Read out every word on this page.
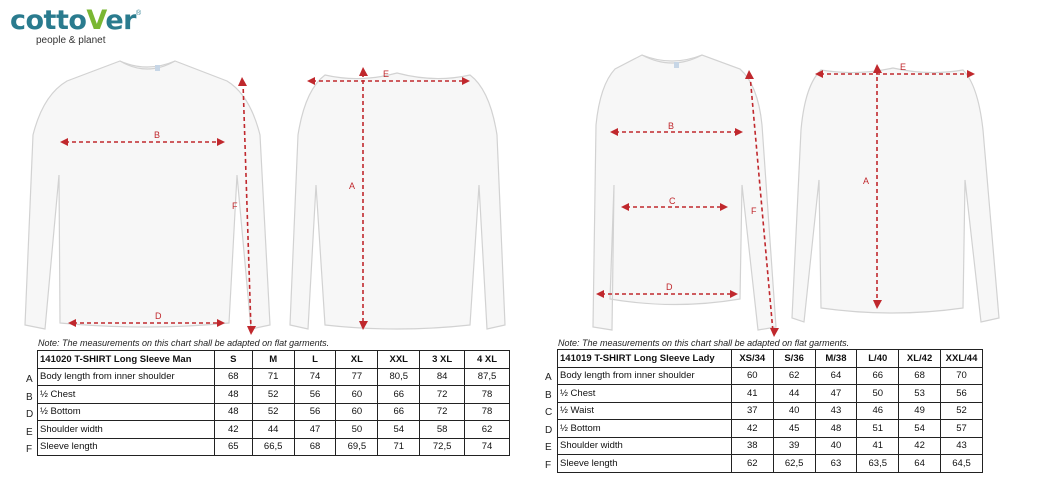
cottoVer ®
people & planet
B
D
F
E
A
B
C
D
F
E
A
Note: The measurements on this chart shall be adapted on flat garments.	Note: The measurements on this chart shall be adapted on flat garments.
A
B
D
E
F
141020 T-SHIRT Long Sleeve Man	S	M	L	XL	XXL	3 XL	4 XL
Body length from inner shoulder	68	71	74	77	80,5	84	87,5
½ Chest	48	52	56	60	66	72	78
½ Bottom	48	52	56	60	66	72	78
Shoulder width	42	44	47	50	54	58	62
Sleeve length	65	66,5	68	69,5	71	72,5	74
A
B
C
D
E
F
141019 T-SHIRT Long Sleeve Lady	XS/34	S/36	M/38	L/40	XL/42	XXL/44
Body length from inner shoulder	60	62	64	66	68	70
½ Chest	41	44	47	50	53	56
½ Waist	37	40	43	46	49	52
½ Bottom	42	45	48	51	54	57
Shoulder width	38	39	40	41	42	43
Sleeve length	62	62,5	63	63,5	64	64,5
